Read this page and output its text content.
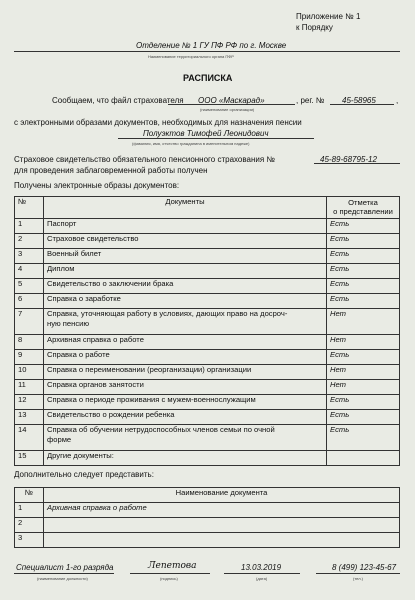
Приложение № 1
к Порядку
Отделение № 1 ГУ ПФ РФ по г. Москве
Наименование территориального органа ПФР
РАСПИСКА
Сообщаем, что файл страхователя ООО «Маскарад»
(наименование организации)
, рег. № 45-58965	,
с электронными образами документов, необходимых для назначения пенсии
Полуэктов Тимофей Леонидович
(фамилия, имя, отчество гражданина в именительном падеже)
Страховое свидетельство обязательного пенсионного страхования №	45-89-68795-12
для проведения заблаговременной работы получен
Получены электронные образы документов:
№	Документы	Отметка
о представлении
1	Паспорт	Есть
2	Страховое свидетельство	Есть
3	Военный билет	Есть
4	Диплом	Есть
5	Свидетельство о заключении брака	Есть
6	Справка о заработке	Есть
7	Справка, уточняющая работу в условиях, дающих право на досроч-
ную пенсию	Нет
8	Архивная справка о работе	Нет
9	Справка о работе	Есть
10	Справка о переименовании (реорганизации) организации	Нет
11	Справка органов занятости	Нет
12	Справка о периоде проживания с мужем-военнослужащим	Есть
13	Свидетельство о рождении ребенка	Есть
14	Справка об обучении нетрудоспособных членов семьи по очной
форме	Есть
15	Другие документы:	
Дополнительно следует представить:
№	Наименование документа
1	Архивная справка о работе
2	
3	
Специалист 1-го разряда
(наименование должности)
Лепетова
(подпись)
13.03.2019
(дата)
8 (499) 123-45-67
(тел.)
